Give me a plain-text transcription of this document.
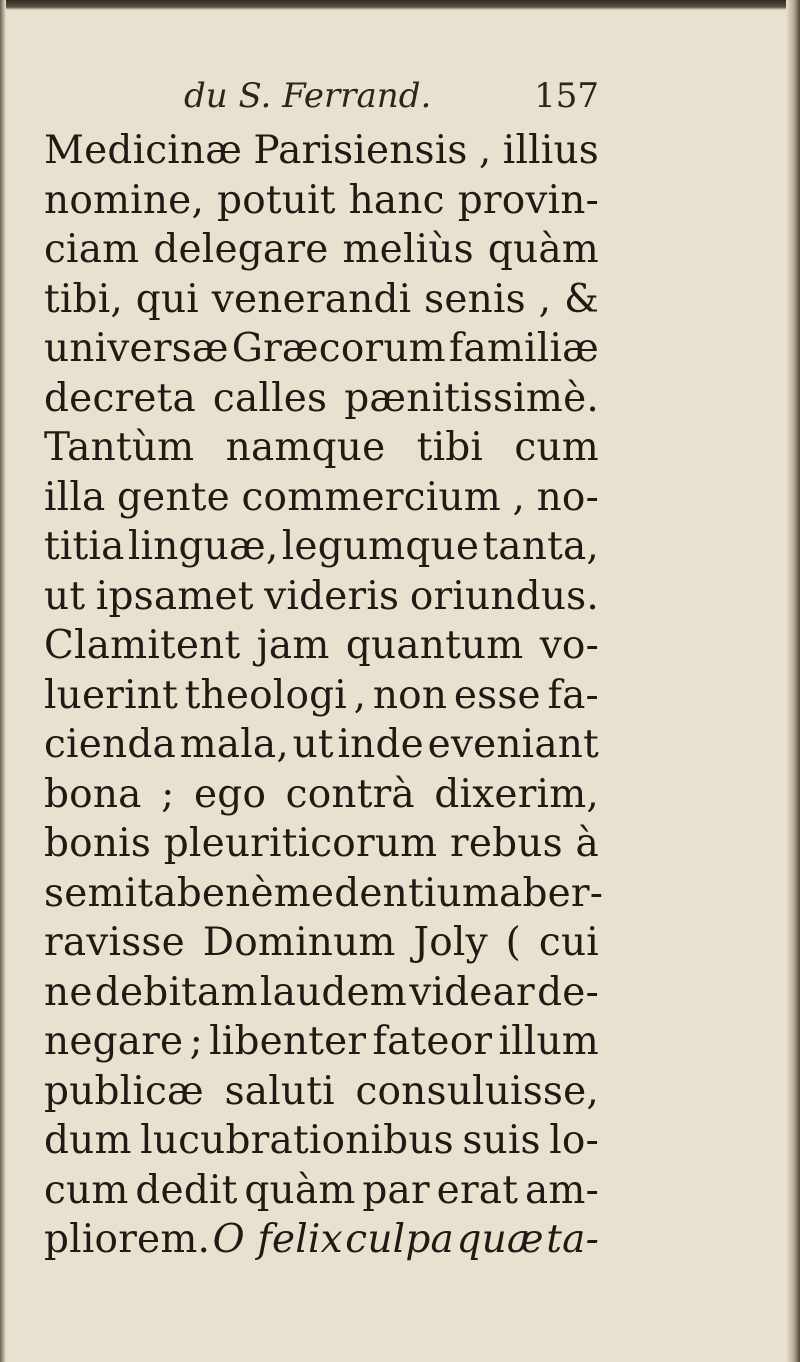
du S. Ferrand.	157
Medicinæ Parisiensis , illius
nomine, potuit hanc provin-
ciam delegare meliùs quàm
tibi, qui venerandi senis , &
universæ Græcorum familiæ
decreta calles pænitissimè.
Tantùm namque tibi cum
illa gente commercium , no-
titia linguæ, legumque tanta,
ut ipsamet videris oriundus.
Clamitent jam quantum vo-
luerint theologi , non esse fa-
cienda mala, ut inde eveniant
bona ; ego contrà dixerim,
bonis pleuriticorum rebus à
semita benè medentium aber-
ravisse Dominum Joly ( cui
ne debitam laudem videar de-
negare ; libenter fateor illum
publicæ saluti consuluisse,
dum lucubrationibus suis lo-
cum dedit quàm par erat am-
pliorem. O felix culpa quæ ta-
